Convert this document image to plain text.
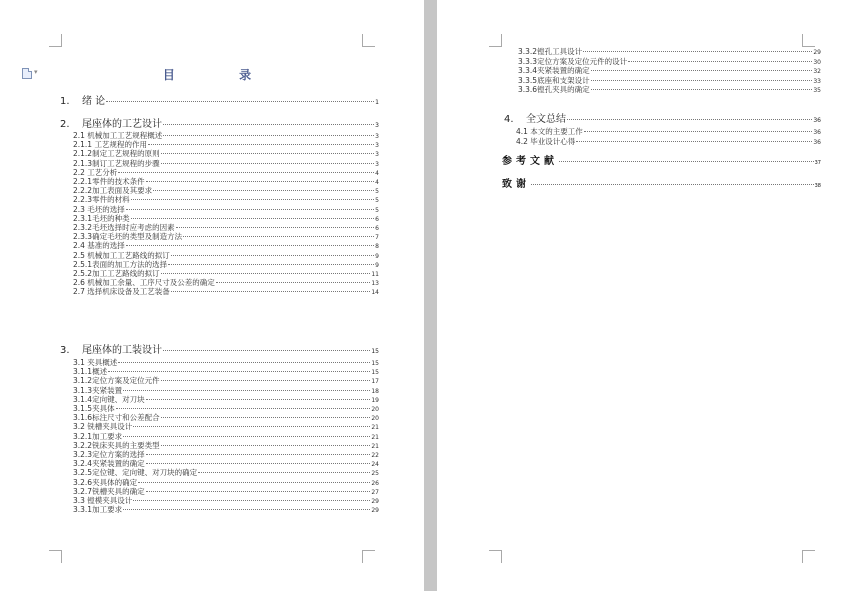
▾	目 录
1. 绪 论	1
2. 尾座体的工艺设计	3
2.1 机械加工工艺规程概述	3
2.1.1 工艺规程的作用	3
2.1.2制定工艺规程的原则	3
2.1.3制订工艺规程的步骤	3
2.2 工艺分析	4
2.2.1零件的技术条件	4
2.2.2加工表面及其要求	5
2.2.3零件的材料	5
2.3 毛坯的选择	5
2.3.1毛坯的种类	6
2.3.2毛坯选择时应考虑的因素	6
2.3.3确定毛坯的类型及制造方法	7
2.4 基准的选择	8
2.5 机械加工工艺路线的拟订	9
2.5.1表面的加工方法的选择	9
2.5.2加工工艺路线的拟订	11
2.6 机械加工余量、工序尺寸及公差的确定	13
2.7 选择机床设备及工艺装备	14
3. 尾座体的工装设计	15
3.1 夹具概述	15
3.1.1概述	15
3.1.2定位方案及定位元件	17
3.1.3夹紧装置	18
3.1.4定向键、对刀块	19
3.1.5夹具体	20
3.1.6标注尺寸和公差配合	20
3.2 铣槽夹具设计	21
3.2.1加工要求	21
3.2.2铣床夹具的主要类型	21
3.2.3定位方案的选择	22
3.2.4夹紧装置的确定	24
3.2.5定位键、定向键、对刀块的确定	25
3.2.6夹具体的确定	26
3.2.7铣槽夹具的确定	27
3.3 镗模夹具设计	29
3.3.1加工要求	29
3.3.2镗孔工具设计	29
3.3.3定位方案及定位元件的设计	30
3.3.4夹紧装置的确定	32
3.3.5底座和支架设计	33
3.3.6镗孔夹具的确定	35
4. 全文总结	36
4.1 本文的主要工作	36
4.2 毕业设计心得	36
参考文献	37
致谢	38
